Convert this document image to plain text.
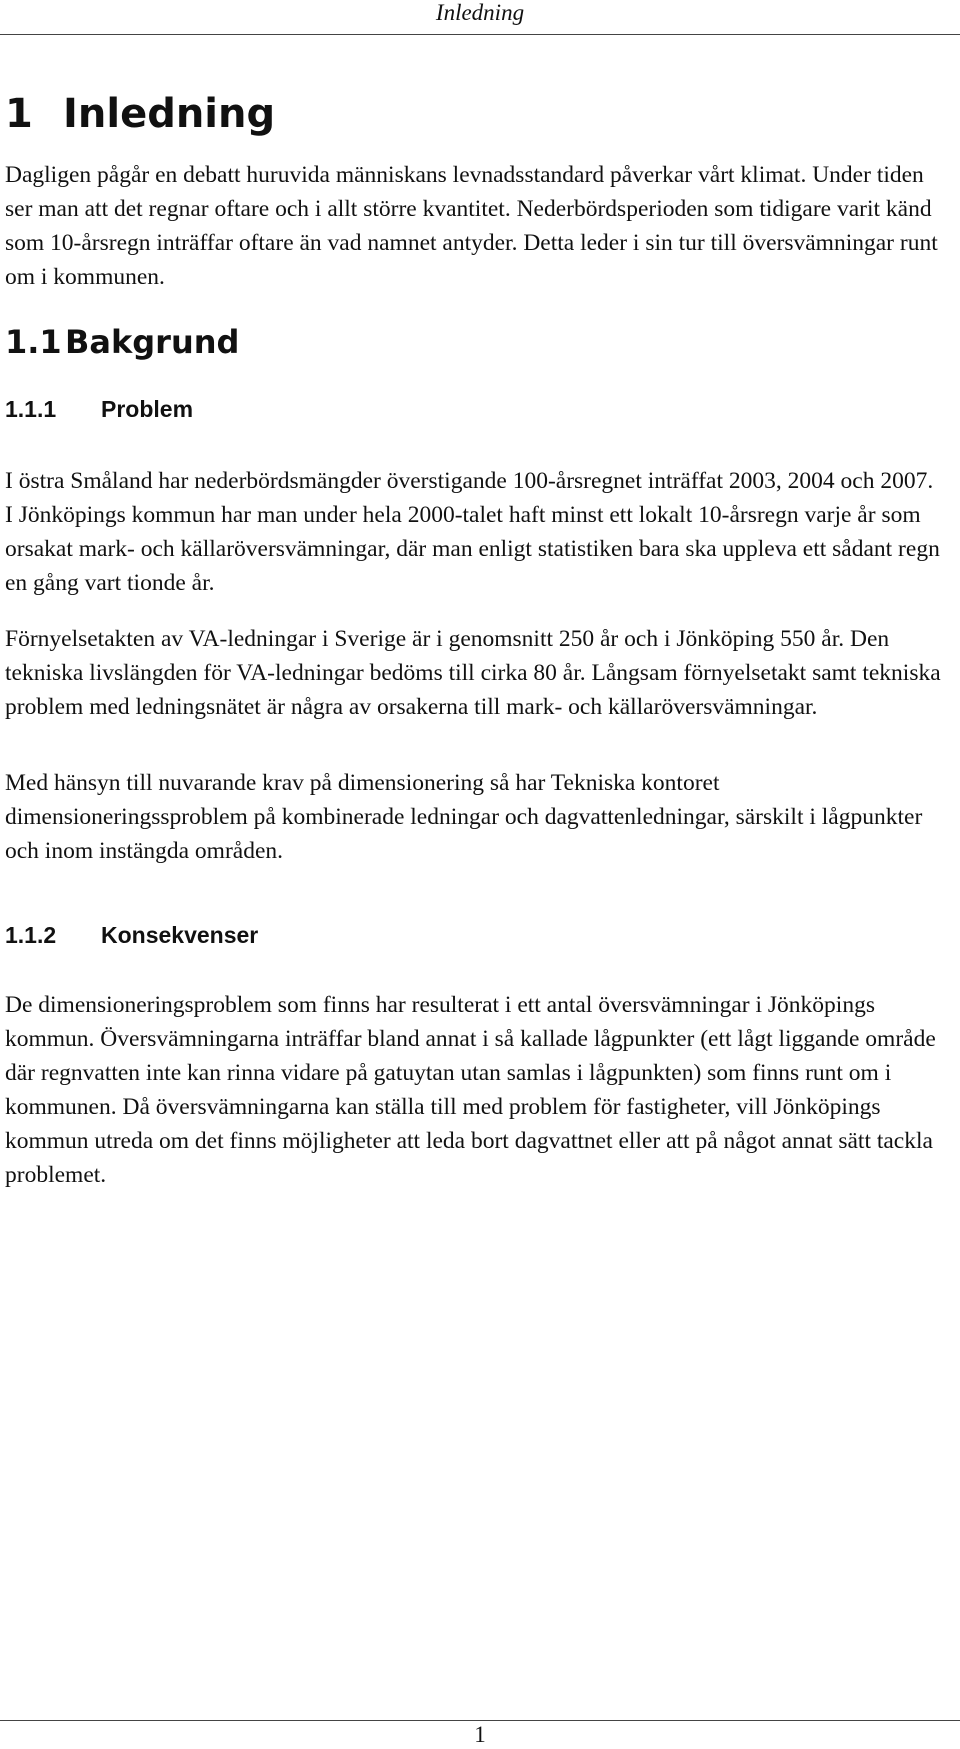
Inledning
1 Inledning

Dagligen pågår en debatt huruvida människans levnadsstandard påverkar vårt klimat. Under tiden ser man att det regnar oftare och i allt större kvantitet. Nederbördsperioden som tidigare varit känd som 10-årsregn inträffar oftare än vad namnet antyder. Detta leder i sin tur till översvämningar runt om i kommunen.

1.1 Bakgrund
1.1.1 Problem

I östra Småland har nederbördsmängder överstigande 100-årsregnet inträffat 2003, 2004 och 2007. I Jönköpings kommun har man under hela 2000-talet haft minst ett lokalt 10-årsregn varje år som orsakat mark- och källaröversvämningar, där man enligt statistiken bara ska uppleva ett sådant regn en gång vart tionde år.

Förnyelsetakten av VA-ledningar i Sverige är i genomsnitt 250 år och i Jönköping 550 år. Den tekniska livslängden för VA-ledningar bedöms till cirka 80 år. Långsam förnyelsetakt samt tekniska problem med ledningsnätet är några av orsakerna till mark- och källaröversvämningar.

Med hänsyn till nuvarande krav på dimensionering så har Tekniska kontoret dimensioneringssproblem på kombinerade ledningar och dagvattenledningar, särskilt i lågpunkter och inom instängda områden.

1.1.2 Konsekvenser

De dimensioneringsproblem som finns har resulterat i ett antal översvämningar i Jönköpings kommun. Översvämningarna inträffar bland annat i så kallade lågpunkter (ett lågt liggande område där regnvatten inte kan rinna vidare på gatuytan utan samlas i lågpunkten) som finns runt om i kommunen. Då översvämningarna kan ställa till med problem för fastigheter, vill Jönköpings kommun utreda om det finns möjligheter att leda bort dagvattnet eller att på något annat sätt tackla problemet.

1
